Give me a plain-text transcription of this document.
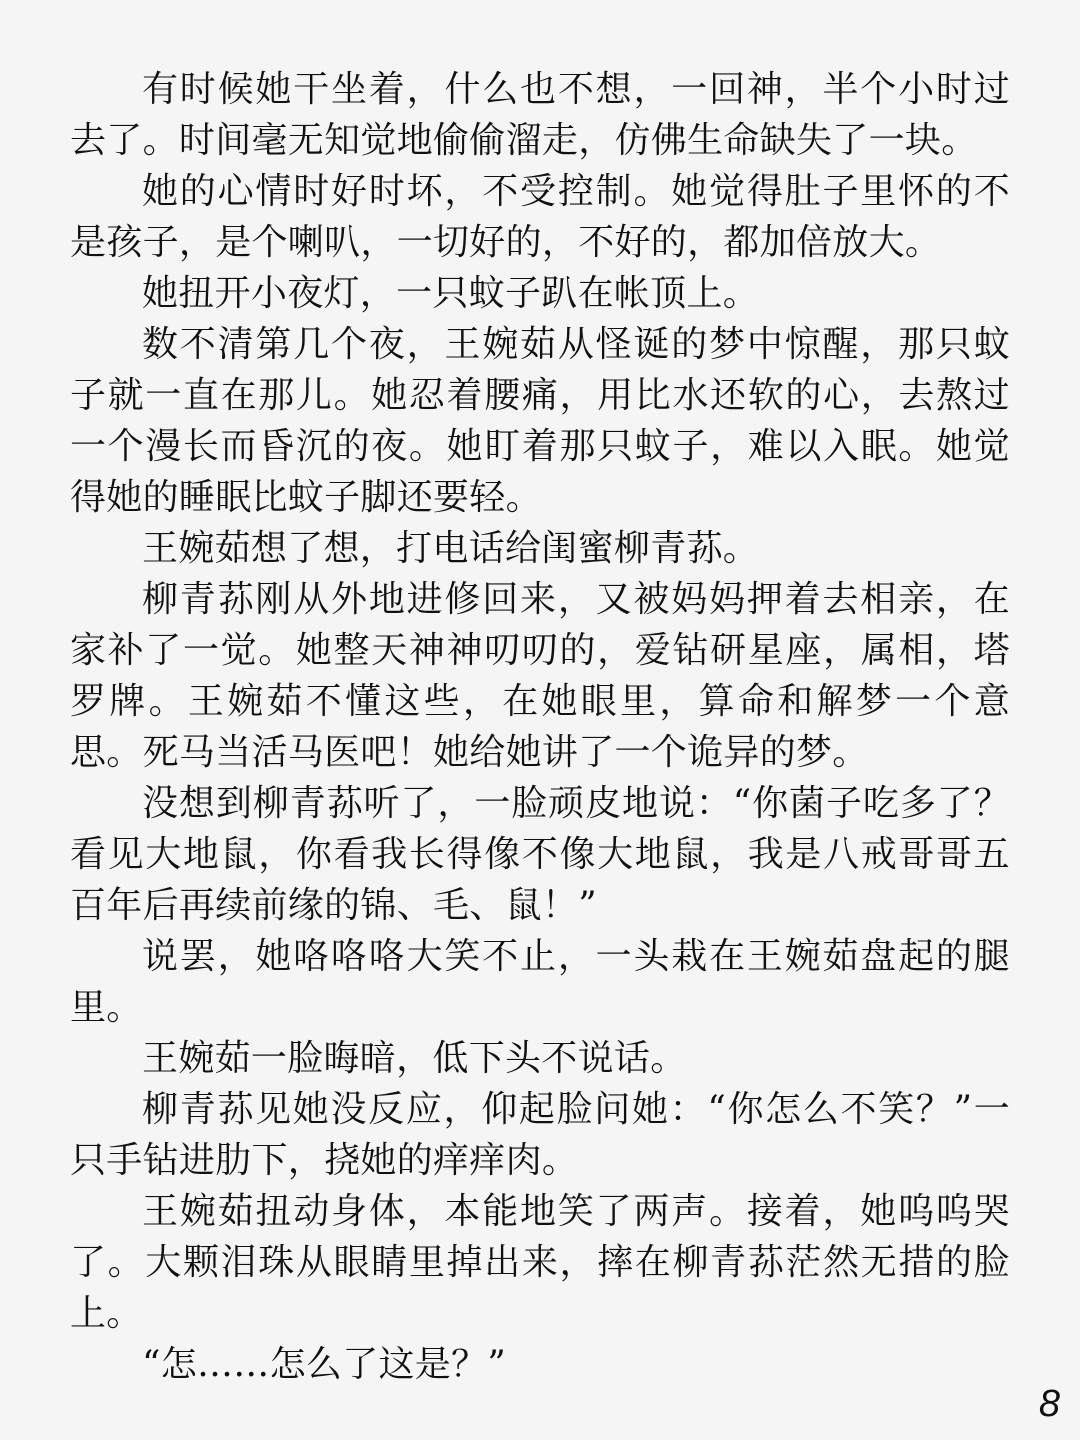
有时候她干坐着，什么也不想，一回神，半个小时过去了。时间毫无知觉地偷偷溜走，仿佛生命缺失了一块。

她的心情时好时坏，不受控制。她觉得肚子里怀的不是孩子，是个喇叭，一切好的，不好的，都加倍放大。

她扭开小夜灯，一只蚊子趴在帐顶上。

数不清第几个夜，王婉茹从怪诞的梦中惊醒，那只蚊子就一直在那儿。她忍着腰痛，用比水还软的心，去熬过一个漫长而昏沉的夜。她盯着那只蚊子，难以入眠。她觉得她的睡眠比蚊子脚还要轻。

王婉茹想了想，打电话给闺蜜柳青荪。

柳青荪刚从外地进修回来，又被妈妈押着去相亲，在家补了一觉。她整天神神叨叨的，爱钻研星座，属相，塔罗牌。王婉茹不懂这些，在她眼里，算命和解梦一个意思。死马当活马医吧！她给她讲了一个诡异的梦。

没想到柳青荪听了，一脸顽皮地说：“你菌子吃多了？看见大地鼠，你看我长得像不像大地鼠，我是八戒哥哥五百年后再续前缘的锦、毛、鼠！”

说罢，她咯咯咯大笑不止，一头栽在王婉茹盘起的腿里。

王婉茹一脸晦暗，低下头不说话。

柳青荪见她没反应，仰起脸问她：“你怎么不笑？”一只手钻进肋下，挠她的痒痒肉。

王婉茹扭动身体，本能地笑了两声。接着，她呜呜哭了。大颗泪珠从眼睛里掉出来，摔在柳青荪茫然无措的脸上。

“怎……怎么了这是？”

8
